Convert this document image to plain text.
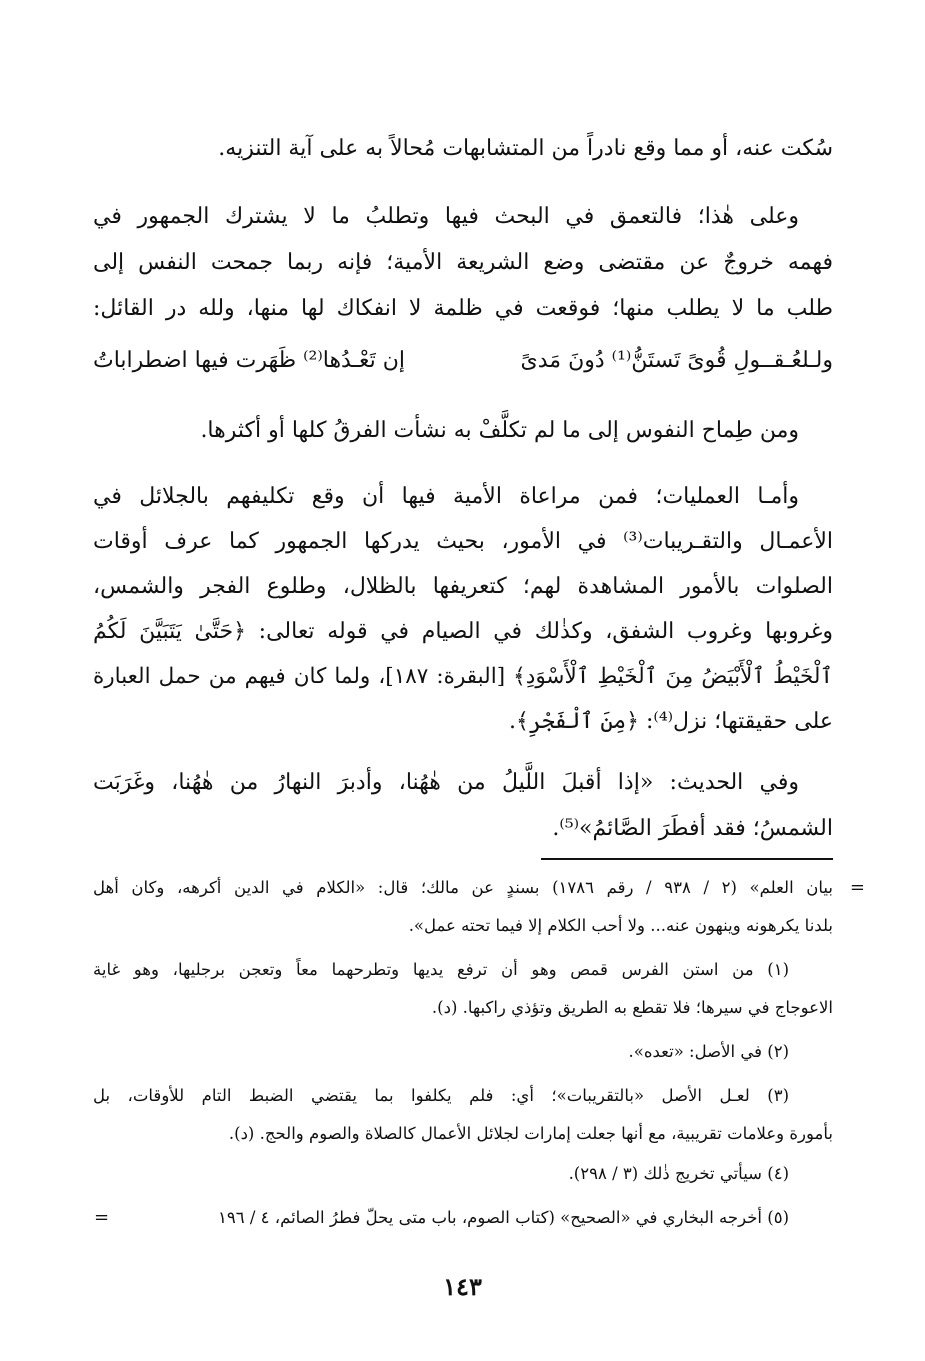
سُكت عنه، أو مما وقع نادراً من المتشابهات مُحالاً به على آية التنزيه.
وعلى هٰذا؛ فالتعمق في البحث فيها وتطلبُ ما لا يشترك الجمهور في
فهمه خروجٌ عن مقتضى وضع الشريعة الأمية؛ فإنه ربما جمحت النفس إلى
طلب ما لا يطلب منها؛ فوقعت في ظلمة لا انفكاك لها منها، ولله در القائل:
ولـلعُـقــولِ قُوىً تَستَنُّ⁽¹⁾ دُونَ مَدىً
إن تَعْـدُها⁽²⁾ ظَهَرت فيها اضطراباتُ
ومن طِماح النفوس إلى ما لم تكلَّفْ به نشأت الفرقُ كلها أو أكثرها.
وأمـا العمليات؛ فمن مراعاة الأمية فيها أن وقع تكليفهم بالجلائل في
الأعمـال والتقـريبات⁽³⁾ في الأمور، بحيث يدركها الجمهور كما عرف أوقات
الصلوات بالأمور المشاهدة لهم؛ كتعريفها بالظلال، وطلوع الفجر والشمس،
وغروبها وغروب الشفق، وكذٰلك في الصيام في قوله تعالى: ﴿حَتَّىٰ يَتَبَيَّنَ لَكُمُ
ٱلْخَيْطُ ٱلْأَبْيَضُ مِنَ ٱلْخَيْطِ ٱلْأَسْوَدِ﴾ [البقرة: ١٨٧]، ولما كان فيهم من حمل العبارة
على حقيقتها؛ نزل⁽⁴⁾: ﴿مِنَ ٱلْفَجْرِ﴾.
وفي الحديث: «إذا أقبلَ اللَّيلُ من هٰهُنا، وأدبرَ النهارُ من هٰهُنا، وغَرَبَت
الشمسُ؛ فقد أفطَرَ الصَّائمُ»⁽⁵⁾.
=
بيان العلم» (٢ / ٩٣٨ / رقم ١٧٨٦) بسندٍ عن مالك؛ قال: «الكلام في الدين أكرهه، وكان أهل
بلدنا يكرهونه وينهون عنه... ولا أحب الكلام إلا فيما تحته عمل».
(١) من استن الفرس قمص وهو أن ترفع يديها وتطرحهما معاً وتعجن برجليها، وهو غاية
الاعوجاج في سيرها؛ فلا تقطع به الطريق وتؤذي راكبها. (د).
(٢) في الأصل: «تعده».
(٣) لعـل الأصل «بالتقريبات»؛ أي: فلم يكلفوا بما يقتضي الضبط التام للأوقات، بل
بأمورة وعلامات تقريبية، مع أنها جعلت إمارات لجلائل الأعمال كالصلاة والصوم والحج. (د).
(٤) سيأتي تخريج ذٰلك (٣ / ٢٩٨).
(٥) أخرجه البخاري في «الصحيح» (كتاب الصوم، باب متى يحلّ فطرُ الصائم، ٤ / ١٩٦
=
١٤٣
